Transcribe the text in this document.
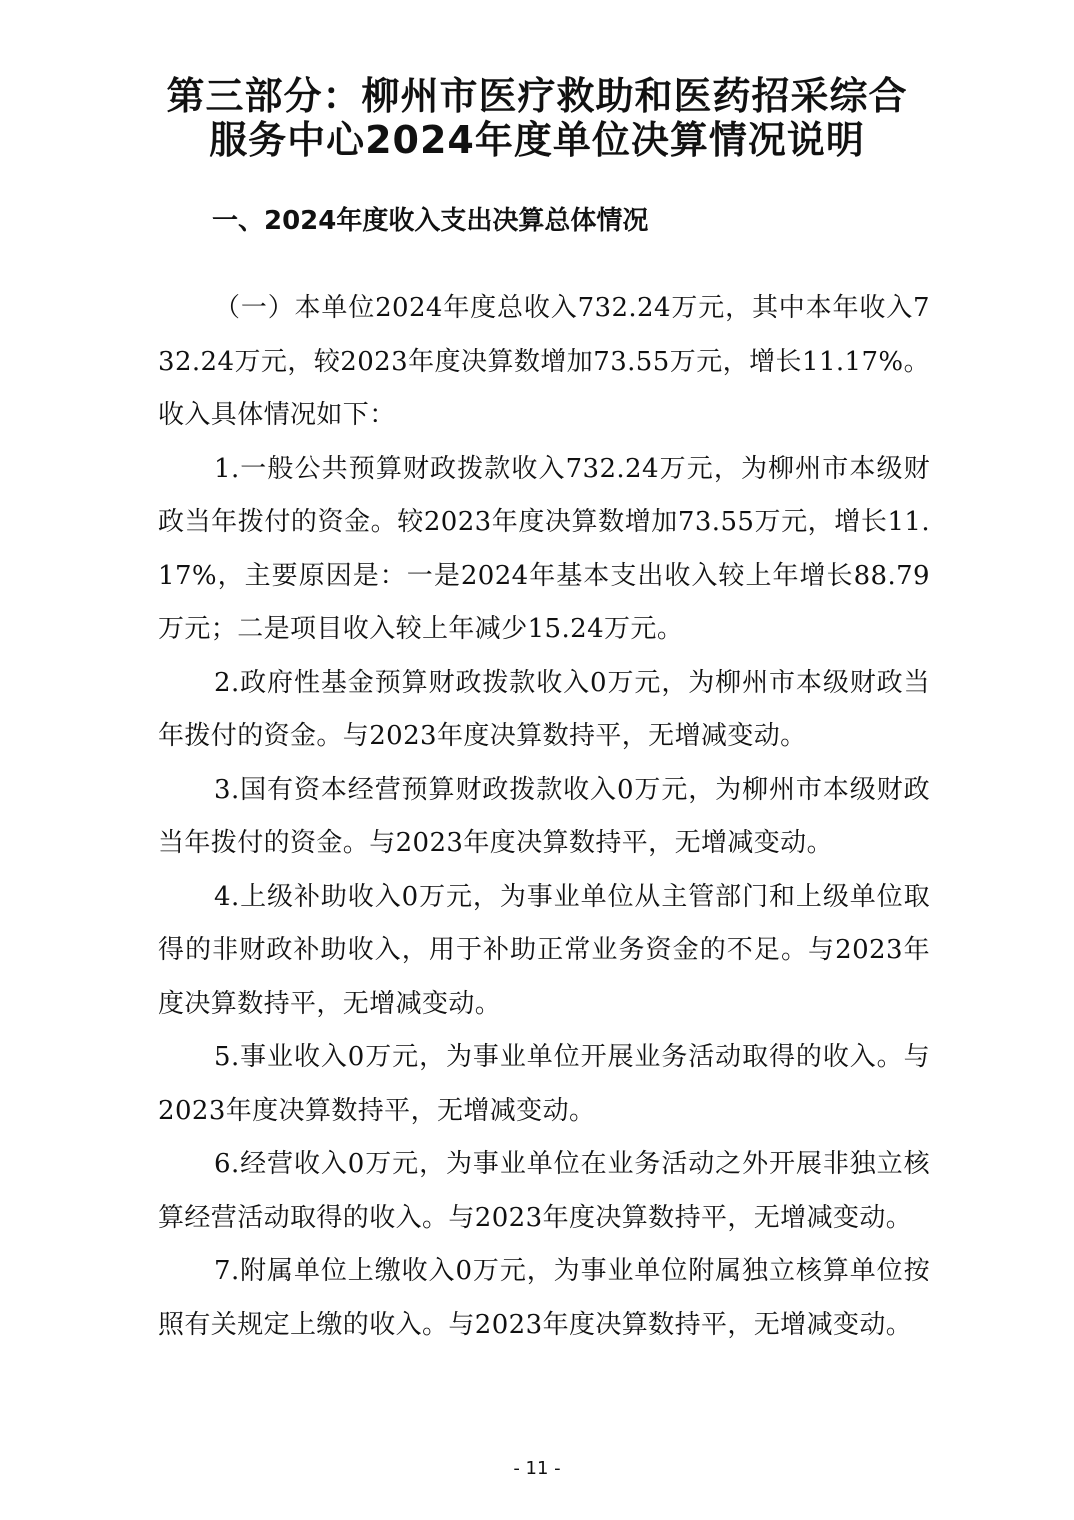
第三部分：柳州市医疗救助和医药招采综合
服务中心2024年度单位决算情况说明
一、2024年度收入支出决算总体情况

（一）本单位2024年度总收入732.24万元，其中本年收入732.24万元，较2023年度决算数增加73.55万元，增长11.17%。收入具体情况如下：

1.一般公共预算财政拨款收入732.24万元，为柳州市本级财政当年拨付的资金。较2023年度决算数增加73.55万元，增长11.17%，主要原因是：一是2024年基本支出收入较上年增长88.79万元；二是项目收入较上年减少15.24万元。

2.政府性基金预算财政拨款收入0万元，为柳州市本级财政当年拨付的资金。与2023年度决算数持平，无增减变动。

3.国有资本经营预算财政拨款收入0万元，为柳州市本级财政当年拨付的资金。与2023年度决算数持平，无增减变动。

4.上级补助收入0万元，为事业单位从主管部门和上级单位取得的非财政补助收入，用于补助正常业务资金的不足。与2023年度决算数持平，无增减变动。

5.事业收入0万元，为事业单位开展业务活动取得的收入。与2023年度决算数持平，无增减变动。

6.经营收入0万元，为事业单位在业务活动之外开展非独立核算经营活动取得的收入。与2023年度决算数持平，无增减变动。

7.附属单位上缴收入0万元，为事业单位附属独立核算单位按照有关规定上缴的收入。与2023年度决算数持平，无增减变动。

- 11 -
